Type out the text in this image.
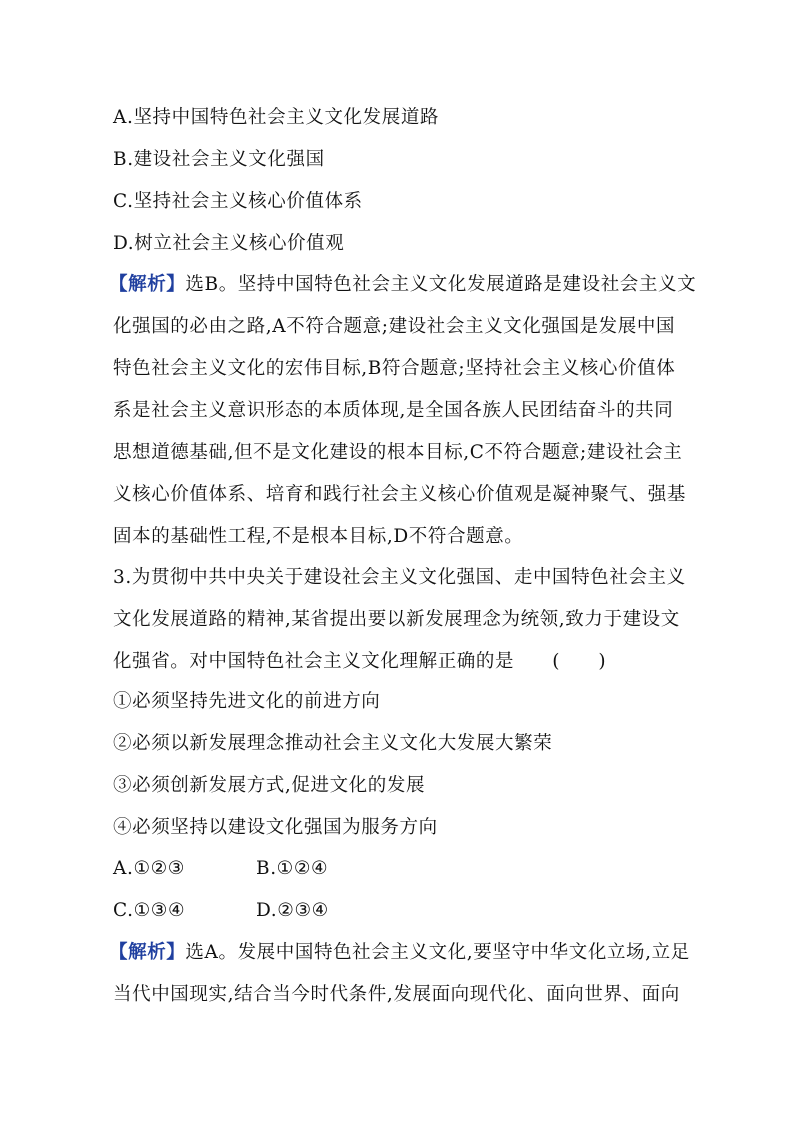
A.坚持中国特色社会主义文化发展道路
B.建设社会主义文化强国
C.坚持社会主义核心价值体系
D.树立社会主义核心价值观
【解析】选B。坚持中国特色社会主义文化发展道路是建设社会主义文
化强国的必由之路,A不符合题意;建设社会主义文化强国是发展中国
特色社会主义文化的宏伟目标,B符合题意;坚持社会主义核心价值体
系是社会主义意识形态的本质体现,是全国各族人民团结奋斗的共同
思想道德基础,但不是文化建设的根本目标,C不符合题意;建设社会主
义核心价值体系、培育和践行社会主义核心价值观是凝神聚气、强基
固本的基础性工程,不是根本目标,D不符合题意。
3.为贯彻中共中央关于建设社会主义文化强国、走中国特色社会主义
文化发展道路的精神,某省提出要以新发展理念为统领,致力于建设文
化强省。对中国特色社会主义文化理解正确的是　　(　　)
①必须坚持先进文化的前进方向
②必须以新发展理念推动社会主义文化大发展大繁荣
③必须创新发展方式,促进文化的发展
④必须坚持以建设文化强国为服务方向
A.①②③	B.①②④
C.①③④	D.②③④
【解析】选A。发展中国特色社会主义文化,要坚守中华文化立场,立足
当代中国现实,结合当今时代条件,发展面向现代化、面向世界、面向
